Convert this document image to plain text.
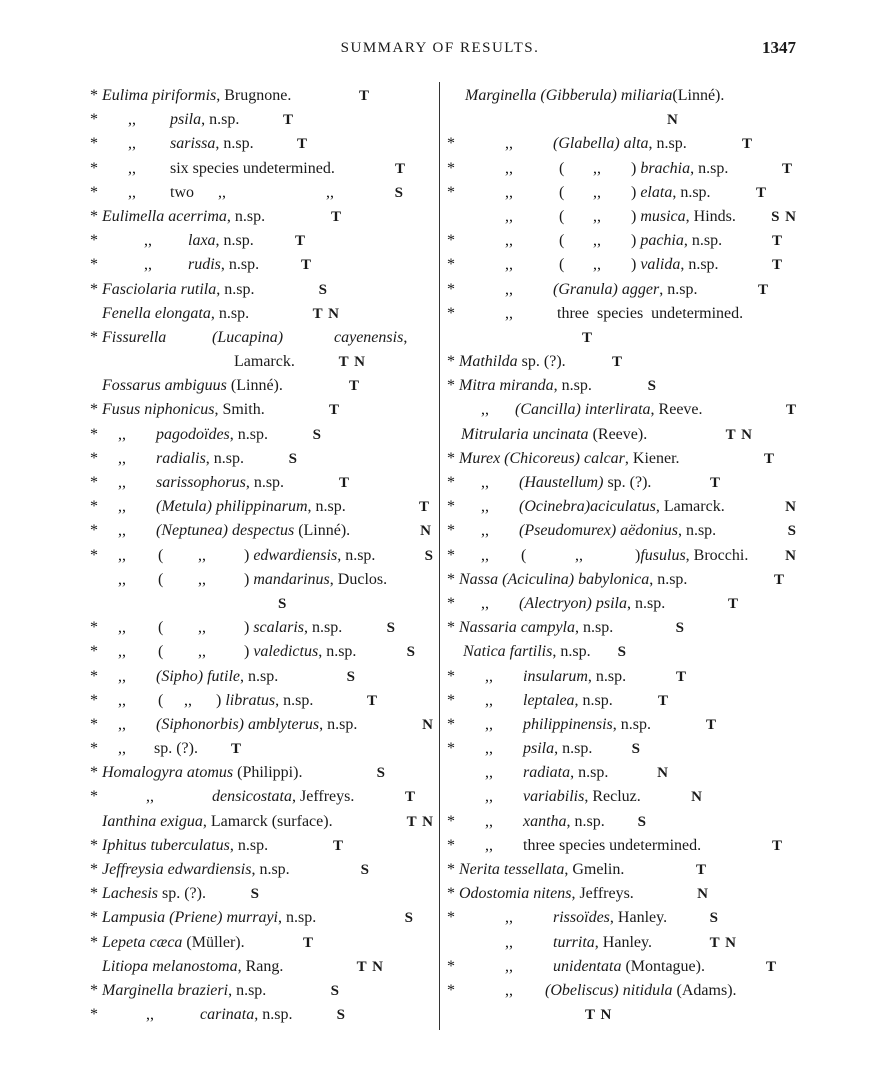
SUMMARY OF RESULTS.	1347
* Eulima piriformis, Brugnone.	T
* ,, psila, n.sp.	T
* ,, sarissa, n.sp.	T
* ,, six species undetermined.	T
* ,, two ,,	,,	S
* Eulimella acerrima, n.sp.	T
*	,, laxa, n.sp.	T
*	,, rudis, n.sp.	T
* Fasciolaria rutila, n.sp.	S
Fenella elongata, n.sp.	T N
* Fissurella	(Lucapina)	cayenensis,
Lamarck.	T N
Fossarus ambiguus (Linné).	T
* Fusus niphonicus, Smith.	T
* ,, pagodoïdes, n.sp.	S
* ,, radialis, n.sp.	S
* ,, sarissophorus, n.sp.	T
* ,, (Metula) philippinarum, n.sp.	T
* ,, (Neptunea) despectus (Linné).	N
* ,, ( ,, ) edwardiensis, n.sp.	S
,, ( ,, ) mandarinus, Duclos.
S
* ,, ( ,, ) scalaris, n.sp.	S
* ,, ( ,, ) valedictus, n.sp.	S
* ,, (Sipho) futile, n.sp.	S
* ,, ( ,, ) libratus, n.sp.	T
* ,, (Siphonorbis) amblyterus, n.sp.	N
* ,, sp. (?). T
* Homalogyra atomus (Philippi).	S
*	,,	densicostata, Jeffreys.	T
Ianthina exigua, Lamarck (surface).	T N
* Iphitus tuberculatus, n.sp.	T
* Jeffreysia edwardiensis, n.sp.	S
* Lachesis sp. (?).	S
* Lampusia (Priene) murrayi, n.sp.	S
* Lepeta cæca (Müller).	T
Litiopa melanostoma, Rang.	T N
* Marginella brazieri, n.sp.	S
*	,,	carinata, n.sp.	S
Marginella (Gibberula) miliaria(Linné).
N
*	,,	(Glabella) alta, n.sp.	T
*	,,	( ,, ) brachia, n.sp.	T
*	,,	( ,, ) elata, n.sp.	T
,,	( ,, ) musica, Hinds. S N
*	,,	( ,, ) pachia, n.sp.	T
*	,,	( ,, ) valida, n.sp.	T
*	,,	(Granula) agger, n.sp.	T
*	,,	three species undetermined.
T
* Mathilda sp. (?).	T
* Mitra miranda, n.sp.	S
,, (Cancilla) interlirata, Reeve.	T
Mitrularia uncinata (Reeve).	T N
* Murex (Chicoreus) calcar, Kiener.	T
* ,, (Haustellum) sp. (?).	T
* ,, (Ocinebra)aciculatus, Lamarck.	N
* ,, (Pseudomurex) aëdonius, n.sp.	S
* ,, (	,,	)fusulus, Brocchi. N
* Nassa (Aciculina) babylonica, n.sp.	T
* ,, (Alectryon) psila, n.sp.	T
* Nassaria campyla, n.sp.	S
Natica fartilis, n.sp. S
* ,, insularum, n.sp.	T
* ,, leptalea, n.sp.	T
* ,, philippinensis, n.sp.	T
* ,, psila, n.sp.	S
,, radiata, n.sp.	N
,, variabilis, Recluz.	N
* ,, xantha, n.sp. S
* ,, three species undetermined.	T
* Nerita tessellata, Gmelin.	T
* Odostomia nitens, Jeffreys.	N
*	,,	rissoïdes, Hanley.	S
,,	turrita, Hanley.	T N
*	,,	unidentata (Montague).	T
*	,, (Obeliscus) nitidula (Adams).
T N
